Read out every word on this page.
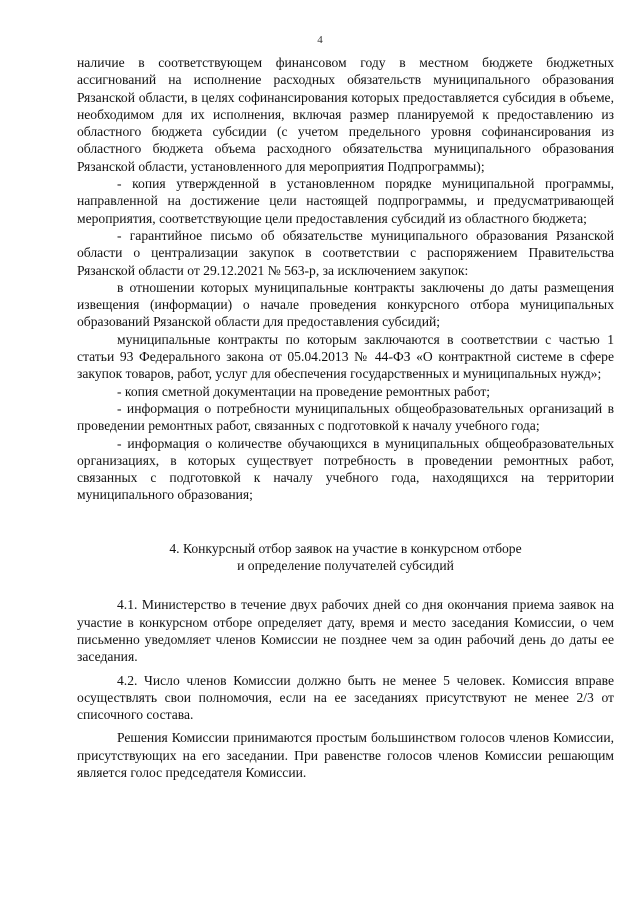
4

наличие в соответствующем финансовом году в местном бюджете бюджетных ассигнований на исполнение расходных обязательств муниципального образования Рязанской области, в целях софинансирования которых предоставляется субсидия в объеме, необходимом для их исполнения, включая размер планируемой к предоставлению из областного бюджета субсидии (с учетом предельного уровня софинансирования из областного бюджета объема расходного обязательства муниципального образования Рязанской области, установленного для мероприятия Подпрограммы);

- копия утвержденной в установленном порядке муниципальной программы, направленной на достижение цели настоящей подпрограммы, и предусматривающей мероприятия, соответствующие цели предоставления субсидий из областного бюджета;

- гарантийное письмо об обязательстве муниципального образования Рязанской области о централизации закупок в соответствии с распоряжением Правительства Рязанской области от 29.12.2021 № 563-р, за исключением закупок:

в отношении которых муниципальные контракты заключены до даты размещения извещения (информации) о начале проведения конкурсного отбора муниципальных образований Рязанской области для предоставления субсидий;

муниципальные контракты по которым заключаются в соответствии с частью 1 статьи 93 Федерального закона от 05.04.2013 № 44-ФЗ «О контрактной системе в сфере закупок товаров, работ, услуг для обеспечения государственных и муниципальных нужд»;

- копия сметной документации на проведение ремонтных работ;

- информация о потребности муниципальных общеобразовательных организаций в проведении ремонтных работ, связанных с подготовкой к началу учебного года;

- информация о количестве обучающихся в муниципальных общеобразовательных организациях, в которых существует потребность в проведении ремонтных работ, связанных с подготовкой к началу учебного года, находящихся на территории муниципального образования;

4. Конкурсный отбор заявок на участие в конкурсном отборе
и определение получателей субсидий

4.1. Министерство в течение двух рабочих дней со дня окончания приема заявок на участие в конкурсном отборе определяет дату, время и место заседания Комиссии, о чем письменно уведомляет членов Комиссии не позднее чем за один рабочий день до даты ее заседания.

4.2. Число членов Комиссии должно быть не менее 5 человек. Комиссия вправе осуществлять свои полномочия, если на ее заседаниях присутствуют не менее 2/3 от списочного состава.

Решения Комиссии принимаются простым большинством голосов членов Комиссии, присутствующих на его заседании. При равенстве голосов членов Комиссии решающим является голос председателя Комиссии.
